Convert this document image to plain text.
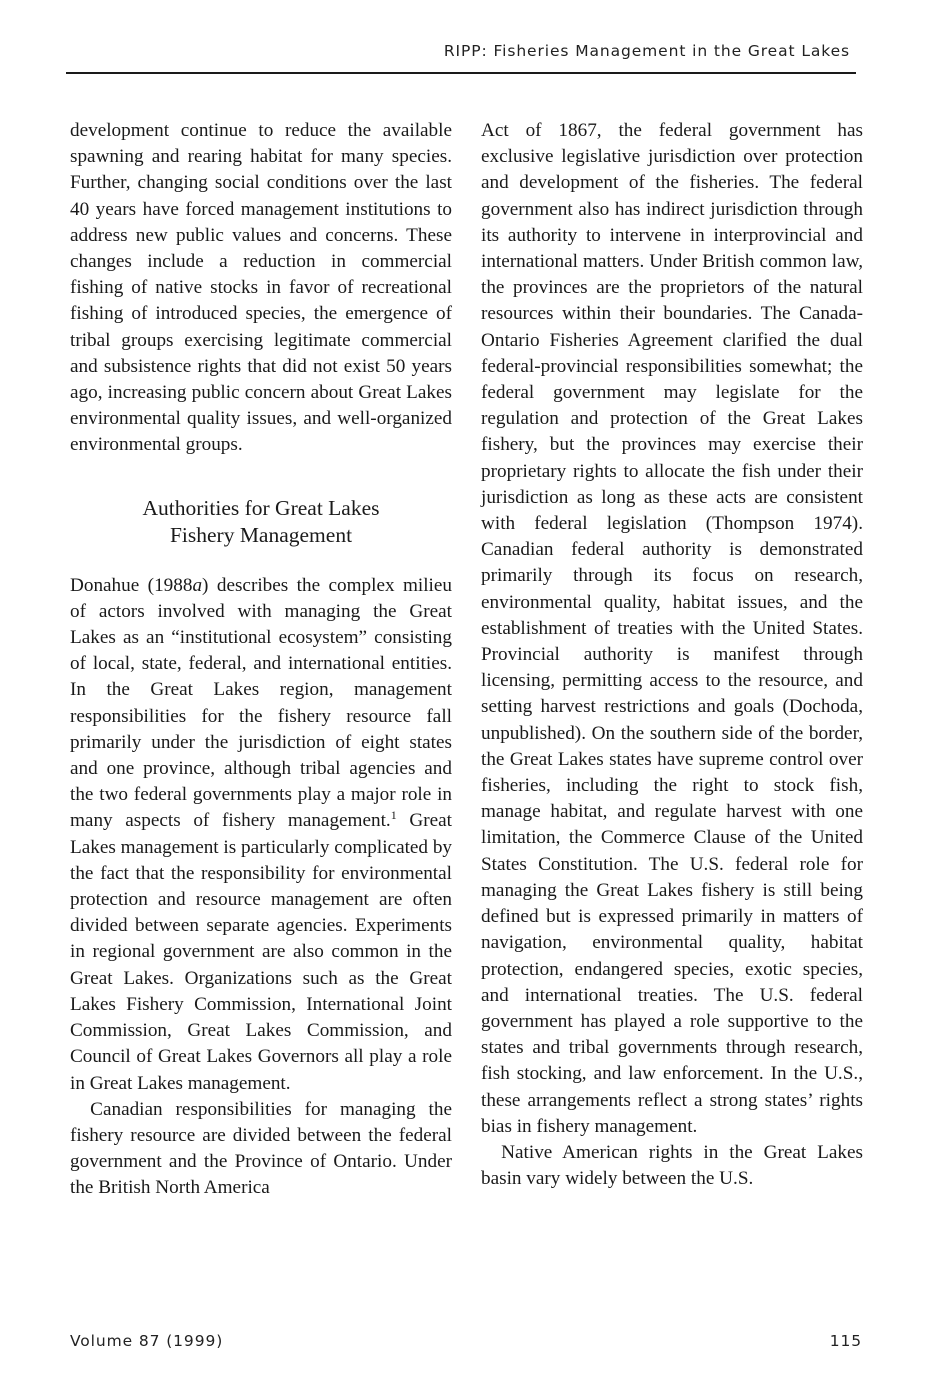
RIPP: Fisheries Management in the Great Lakes

development continue to reduce the available spawning and rearing habitat for many species. Further, changing social conditions over the last 40 years have forced management institutions to address new public values and concerns. These changes include a reduction in commercial fishing of native stocks in favor of recreational fishing of introduced species, the emergence of tribal groups exercising legitimate commercial and subsistence rights that did not exist 50 years ago, increasing public concern about Great Lakes environmental quality issues, and well-organized environmental groups.

Authorities for Great Lakes
Fishery Management

Donahue (1988a) describes the complex milieu of actors involved with managing the Great Lakes as an “institutional ecosystem” consisting of local, state, federal, and international entities. In the Great Lakes region, management responsibilities for the fishery resource fall primarily under the jurisdiction of eight states and one province, although tribal agencies and the two federal governments play a major role in many aspects of fishery management.$^1$ Great Lakes management is particularly complicated by the fact that the responsibility for environmental protection and resource management are often divided between separate agencies. Experiments in regional government are also common in the Great Lakes. Organizations such as the Great Lakes Fishery Commission, International Joint Commission, Great Lakes Commission, and Council of Great Lakes Governors all play a role in Great Lakes management.

Canadian responsibilities for managing the fishery resource are divided between the federal government and the Province of Ontario. Under the British North America

Act of 1867, the federal government has exclusive legislative jurisdiction over protection and development of the fisheries. The federal government also has indirect jurisdiction through its authority to intervene in interprovincial and international matters. Under British common law, the provinces are the proprietors of the natural resources within their boundaries. The Canada-Ontario Fisheries Agreement clarified the dual federal-provincial responsibilities somewhat; the federal government may legislate for the regulation and protection of the Great Lakes fishery, but the provinces may exercise their proprietary rights to allocate the fish under their jurisdiction as long as these acts are consistent with federal legislation (Thompson 1974). Canadian federal authority is demonstrated primarily through its focus on research, environmental quality, habitat issues, and the establishment of treaties with the United States. Provincial authority is manifest through licensing, permitting access to the resource, and setting harvest restrictions and goals (Dochoda, unpublished). On the southern side of the border, the Great Lakes states have supreme control over fisheries, including the right to stock fish, manage habitat, and regulate harvest with one limitation, the Commerce Clause of the United States Constitution. The U.S. federal role for managing the Great Lakes fishery is still being defined but is expressed primarily in matters of navigation, environmental quality, habitat protection, endangered species, exotic species, and international treaties. The U.S. federal government has played a role supportive to the states and tribal governments through research, fish stocking, and law enforcement. In the U.S., these arrangements reflect a strong states’ rights bias in fishery management.

Native American rights in the Great Lakes basin vary widely between the U.S.

Volume 87 (1999)	115
